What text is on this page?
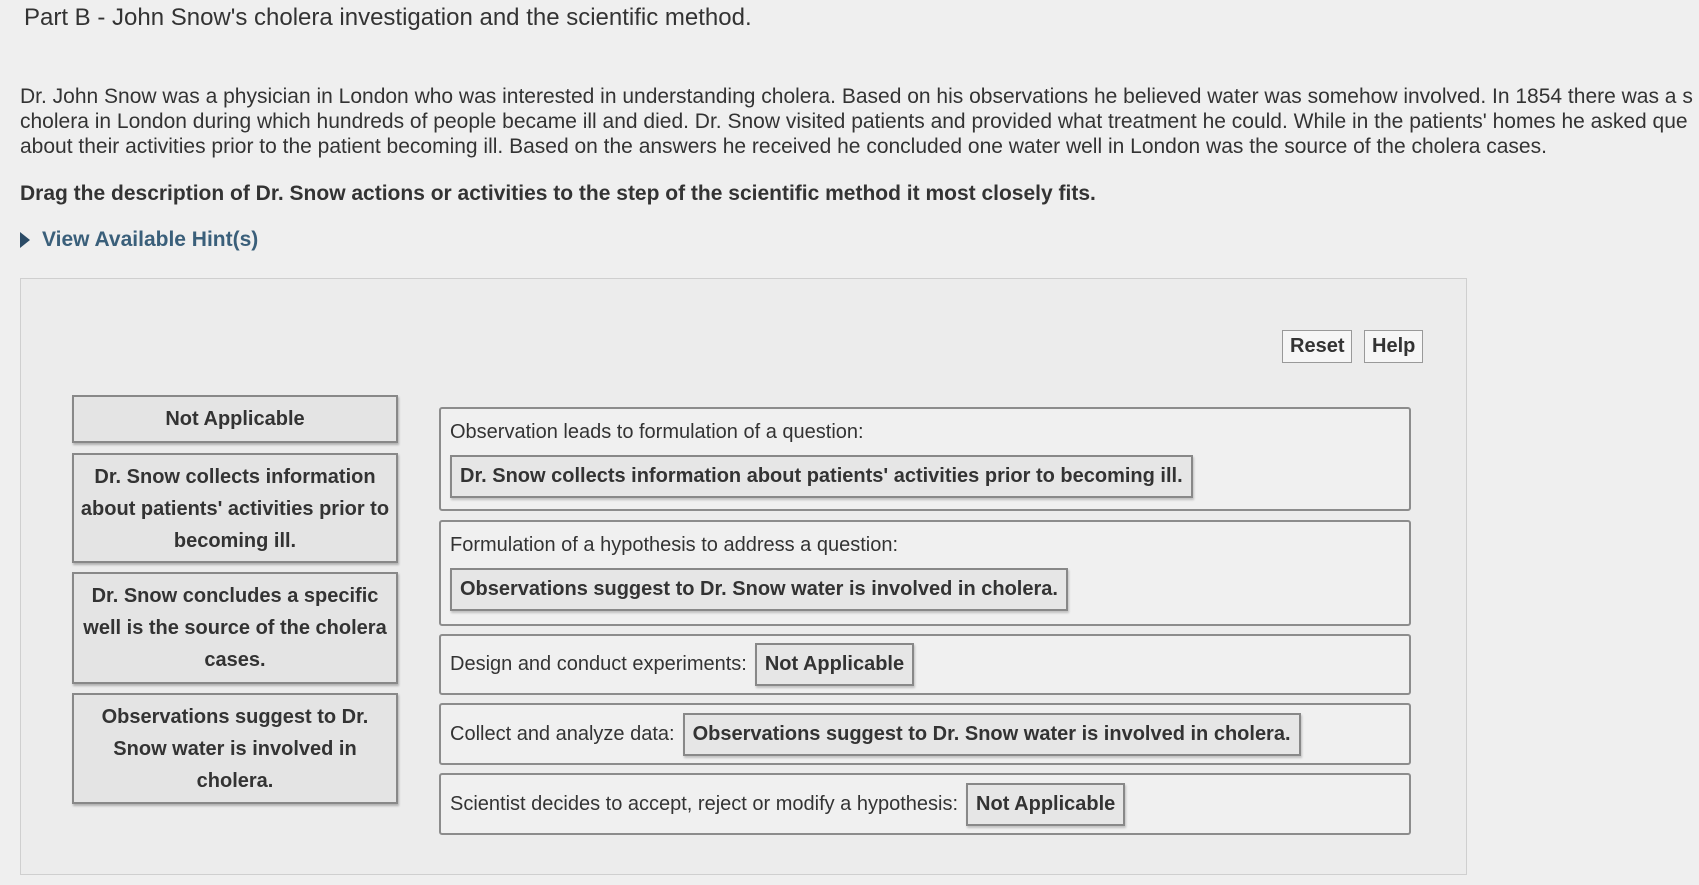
Part B - John Snow's cholera investigation and the scientific method.
Dr. John Snow was a physician in London who was interested in understanding cholera. Based on his observations he believed water was somehow involved. In 1854 there was a s
cholera in London during which hundreds of people became ill and died. Dr. Snow visited patients and provided what treatment he could. While in the patients' homes he asked que
about their activities prior to the patient becoming ill. Based on the answers he received he concluded one water well in London was the source of the cholera cases.
Drag the description of Dr. Snow actions or activities to the step of the scientific method it most closely fits.
View Available Hint(s)
Reset	Help
Not Applicable
Dr. Snow collects information about patients' activities prior to becoming ill.
Dr. Snow concludes a specific well is the source of the cholera cases.
Observations suggest to Dr. Snow water is involved in cholera.
Observation leads to formulation of a question:
Dr. Snow collects information about patients' activities prior to becoming ill.
Formulation of a hypothesis to address a question:
Observations suggest to Dr. Snow water is involved in cholera.
Design and conduct experiments: Not Applicable
Collect and analyze data: Observations suggest to Dr. Snow water is involved in cholera.
Scientist decides to accept, reject or modify a hypothesis: Not Applicable
